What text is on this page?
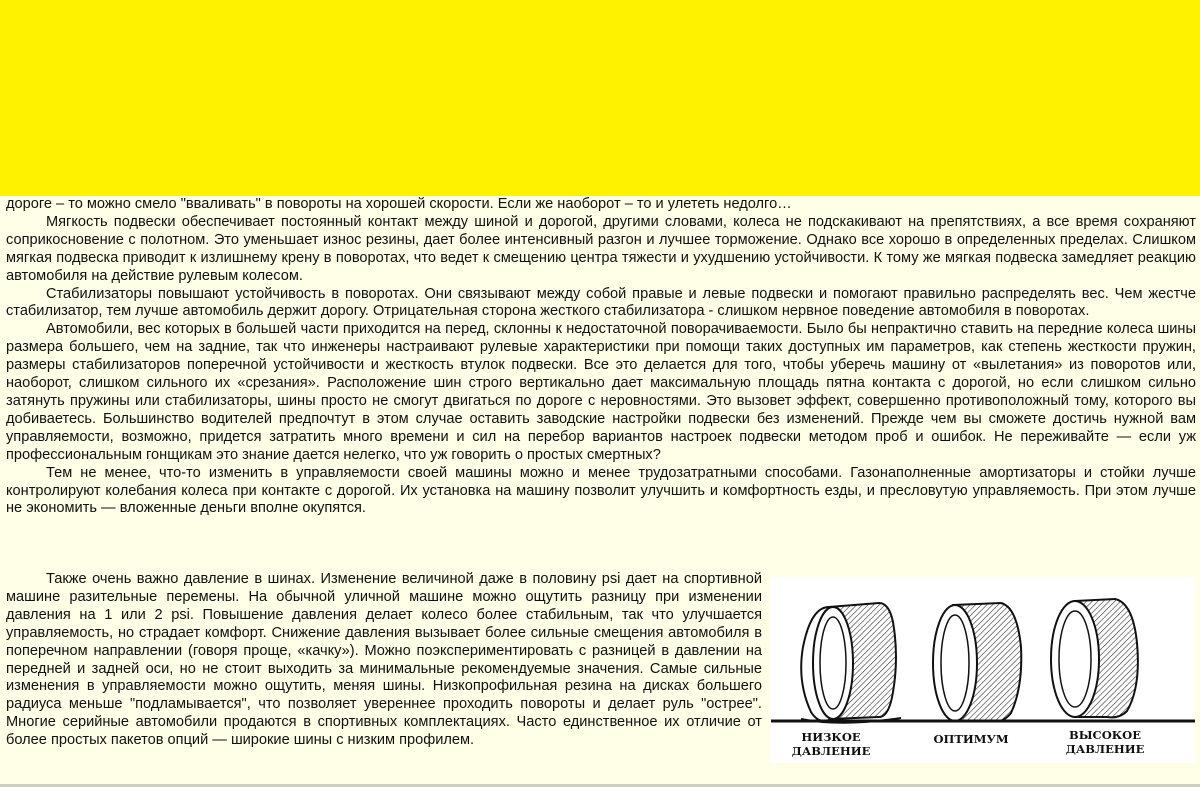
дороге – то можно смело "вваливать" в повороты на хорошей скорости. Если же наоборот – то и улететь недолго…

Мягкость подвески обеспечивает постоянный контакт между шиной и дорогой, другими словами, колеса не подскакивают на препятствиях, а все время сохраняют соприкосновение с полотном. Это уменьшает износ резины, дает более интенсивный разгон и лучшее торможение. Однако все хорошо в определенных пределах. Слишком мягкая подвеска приводит к излишнему крену в поворотах, что ведет к смещению центра тяжести и ухудшению устойчивости. К тому же мягкая подвеска замедляет реакцию автомобиля на действие рулевым колесом.

Стабилизаторы повышают устойчивость в поворотах. Они связывают между собой правые и левые подвески и помогают правильно распределять вес. Чем жестче стабилизатор, тем лучше автомобиль держит дорогу. Отрицательная сторона жесткого стабилизатора - слишком нервное поведение автомобиля в поворотах.

Автомобили, вес которых в большей части приходится на перед, склонны к недостаточной поворачиваемости. Было бы непрактично ставить на передние колеса шины размера большего, чем на задние, так что инженеры настраивают рулевые характеристики при помощи таких доступных им параметров, как степень жесткости пружин, размеры стабилизаторов поперечной устойчивости и жесткость втулок подвески. Все это делается для того, чтобы уберечь машину от «вылетания» из поворотов или, наоборот, слишком сильного их «срезания». Расположение шин строго вертикально дает максимальную площадь пятна контакта с дорогой, но если слишком сильно затянуть пружины или стабилизаторы, шины просто не смогут двигаться по дороге с неровностями. Это вызовет эффект, совершенно противоположный тому, которого вы добиваетесь. Большинство водителей предпочтут в этом случае оставить заводские настройки подвески без изменений. Прежде чем вы сможете достичь нужной вам управляемости, возможно, придется затратить много времени и сил на перебор вариантов настроек подвески методом проб и ошибок. Не переживайте — если уж профессиональным гонщикам это знание дается нелегко, что уж говорить о простых смертных?

Тем не менее, что-то изменить в управляемости своей машины можно и менее трудозатратными способами. Газонаполненные амортизаторы и стойки лучше контролируют колебания колеса при контакте с дорогой. Их установка на машину позволит улучшить и комфортность езды, и пресловутую управляемость. При этом лучше не экономить — вложенные деньги вполне окупятся.

Также очень важно давление в шинах. Изменение величиной даже в половину psi дает на спортивной машине разительные перемены. На обычной уличной машине можно ощутить разницу при изменении давления на 1 или 2 psi. Повышение давления делает колесо более стабильным, так что улучшается управляемость, но страдает комфорт. Снижение давления вызывает более сильные смещения автомобиля в поперечном направлении (говоря проще, «качку»). Можно поэкспериментировать с разницей в давлении на передней и задней оси, но не стоит выходить за минимальные рекомендуемые значения. Самые сильные изменения в управляемости можно ощутить, меняя шины. Низкопрофильная резина на дисках большего радиуса меньше "подламывается", что позволяет увереннее проходить повороты и делает руль "острее". Многие серийные автомобили продаются в спортивных комплектациях. Часто единственное их отличие от более простых пакетов опций — широкие шины с низким профилем.	НИЗКОЕ
ДАВЛЕНИЕ
ОПТИМУМ	ВЫСОКОЕ
ДАВЛЕНИЕ
